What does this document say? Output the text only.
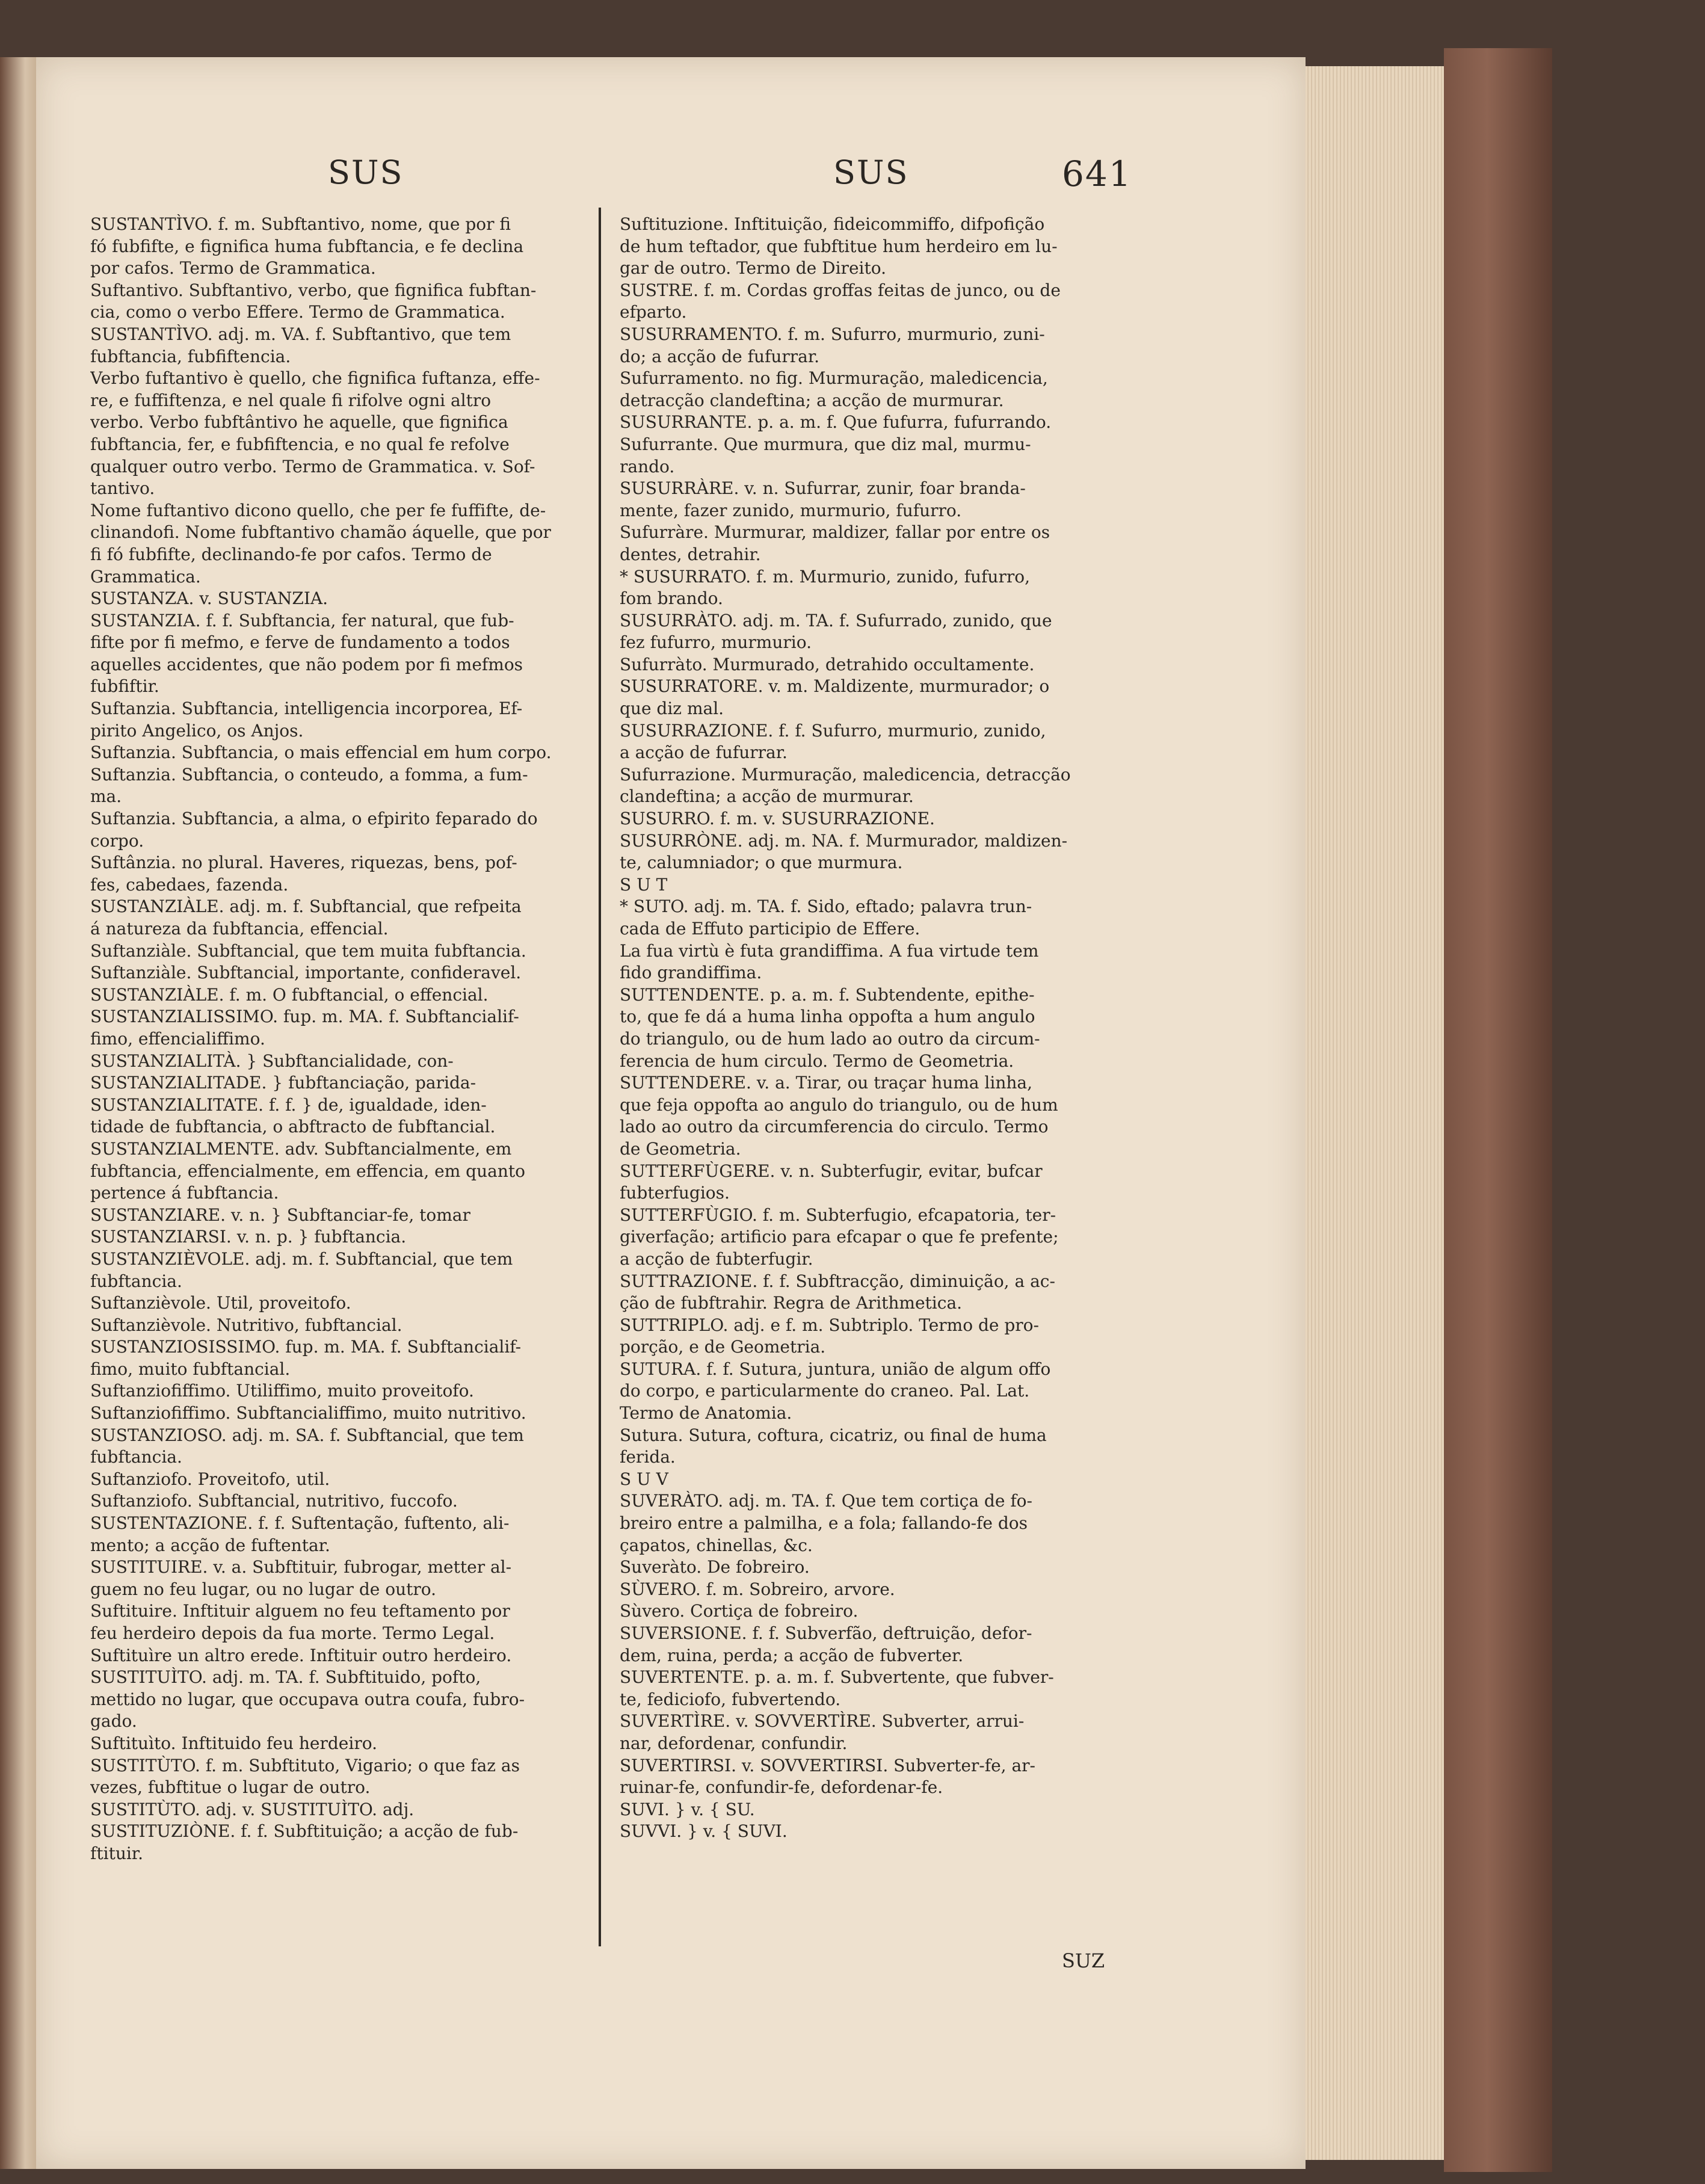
SUS	SUS	641
SUSTANTÌVO. f. m. Subftantivo, nome, que por fi
fó fubfifte, e fignifica huma fubftancia, e fe declina
por cafos. Termo de Grammatica.
Suftantivo. Subftantivo, verbo, que fignifica fubftan-
cia, como o verbo Effere. Termo de Grammatica.
SUSTANTÌVO. adj. m. VA. f. Subftantivo, que tem
fubftancia, fubfiftencia.
Verbo fuftantivo è quello, che fignifica fuftanza, effe-
re, e fuffiftenza, e nel quale fi rifolve ogni altro
verbo. Verbo fubftântivo he aquelle, que fignifica
fubftancia, fer, e fubfiftencia, e no qual fe refolve
qualquer outro verbo. Termo de Grammatica. v. Sof-
tantivo.
Nome fuftantivo dicono quello, che per fe fuffifte, de-
clinandofi. Nome fubftantivo chamão áquelle, que por
fi fó fubfifte, declinando-fe por cafos. Termo de
Grammatica.
SUSTANZA. v. SUSTANZIA.
SUSTANZIA. f. f. Subftancia, fer natural, que fub-
fifte por fi mefmo, e ferve de fundamento a todos
aquelles accidentes, que não podem por fi mefmos
fubfiftir.
Suftanzia. Subftancia, intelligencia incorporea, Ef-
pirito Angelico, os Anjos.
Suftanzia. Subftancia, o mais effencial em hum corpo.
Suftanzia. Subftancia, o conteudo, a fomma, a fum-
ma.
Suftanzia. Subftancia, a alma, o efpirito feparado do
corpo.
Suftânzia. no plural. Haveres, riquezas, bens, pof-
fes, cabedaes, fazenda.
SUSTANZIÀLE. adj. m. f. Subftancial, que refpeita
á natureza da fubftancia, effencial.
Suftanziàle. Subftancial, que tem muita fubftancia.
Suftanziàle. Subftancial, importante, confideravel.
SUSTANZIÀLE. f. m. O fubftancial, o effencial.
SUSTANZIALISSIMO. fup. m. MA. f. Subftancialif-
fimo, effencialiffimo.
SUSTANZIALITÀ. } Subftancialidade, con-
SUSTANZIALITADE. } fubftanciação, parida-
SUSTANZIALITATE. f. f. } de, igualdade, iden-
tidade de fubftancia, o abftracto de fubftancial.
SUSTANZIALMENTE. adv. Subftancialmente, em
fubftancia, effencialmente, em effencia, em quanto
pertence á fubftancia.
SUSTANZIARE. v. n. } Subftanciar-fe, tomar
SUSTANZIARSI. v. n. p. } fubftancia.
SUSTANZIÈVOLE. adj. m. f. Subftancial, que tem
fubftancia.
Suftanzièvole. Util, proveitofo.
Suftanzièvole. Nutritivo, fubftancial.
SUSTANZIOSISSIMO. fup. m. MA. f. Subftancialif-
fimo, muito fubftancial.
Suftanziofiffimo. Utiliffimo, muito proveitofo.
Suftanziofiffimo. Subftancialiffimo, muito nutritivo.
SUSTANZIOSO. adj. m. SA. f. Subftancial, que tem
fubftancia.
Suftanziofo. Proveitofo, util.
Suftanziofo. Subftancial, nutritivo, fuccofo.
SUSTENTAZIONE. f. f. Suftentação, fuftento, ali-
mento; a acção de fuftentar.
SUSTITUIRE. v. a. Subftituir, fubrogar, metter al-
guem no feu lugar, ou no lugar de outro.
Suftituire. Inftituir alguem no feu teftamento por
feu herdeiro depois da fua morte. Termo Legal.
Suftituìre un altro erede. Inftituir outro herdeiro.
SUSTITUÌTO. adj. m. TA. f. Subftituido, pofto,
mettido no lugar, que occupava outra coufa, fubro-
gado.
Suftituìto. Inftituido feu herdeiro.
SUSTITÙTO. f. m. Subftituto, Vigario; o que faz as
vezes, fubftitue o lugar de outro.
SUSTITÙTO. adj. v. SUSTITUÌTO. adj.
SUSTITUZIÒNE. f. f. Subftituição; a acção de fub-
ftituir.
Suftituzione. Inftituição, fideicommiffo, difpofição
de hum teftador, que fubftitue hum herdeiro em lu-
gar de outro. Termo de Direito.
SUSTRE. f. m. Cordas groffas feitas de junco, ou de
efparto.
SUSURRAMENTO. f. m. Sufurro, murmurio, zuni-
do; a acção de fufurrar.
Sufurramento. no fig. Murmuração, maledicencia,
detracção clandeftina; a acção de murmurar.
SUSURRANTE. p. a. m. f. Que fufurra, fufurrando.
Sufurrante. Que murmura, que diz mal, murmu-
rando.
SUSURRÀRE. v. n. Sufurrar, zunir, foar branda-
mente, fazer zunido, murmurio, fufurro.
Sufurràre. Murmurar, maldizer, fallar por entre os
dentes, detrahir.
* SUSURRATO. f. m. Murmurio, zunido, fufurro,
fom brando.
SUSURRÀTO. adj. m. TA. f. Sufurrado, zunido, que
fez fufurro, murmurio.
Sufurràto. Murmurado, detrahido occultamente.
SUSURRATORE. v. m. Maldizente, murmurador; o
que diz mal.
SUSURRAZIONE. f. f. Sufurro, murmurio, zunido,
a acção de fufurrar.
Sufurrazione. Murmuração, maledicencia, detracção
clandeftina; a acção de murmurar.
SUSURRO. f. m. v. SUSURRAZIONE.
SUSURRÒNE. adj. m. NA. f. Murmurador, maldizen-
te, calumniador; o que murmura.
S U T
* SUTO. adj. m. TA. f. Sido, eftado; palavra trun-
cada de Effuto participio de Effere.
La fua virtù è futa grandiffima. A fua virtude tem
fido grandiffima.
SUTTENDENTE. p. a. m. f. Subtendente, epithe-
to, que fe dá a huma linha oppofta a hum angulo
do triangulo, ou de hum lado ao outro da circum-
ferencia de hum circulo. Termo de Geometria.
SUTTENDERE. v. a. Tirar, ou traçar huma linha,
que feja oppofta ao angulo do triangulo, ou de hum
lado ao outro da circumferencia do circulo. Termo
de Geometria.
SUTTERFÙGERE. v. n. Subterfugir, evitar, bufcar
fubterfugios.
SUTTERFÙGIO. f. m. Subterfugio, efcapatoria, ter-
giverfação; artificio para efcapar o que fe prefente;
a acção de fubterfugir.
SUTTRAZIONE. f. f. Subftracção, diminuição, a ac-
ção de fubftrahir. Regra de Arithmetica.
SUTTRIPLO. adj. e f. m. Subtriplo. Termo de pro-
porção, e de Geometria.
SUTURA. f. f. Sutura, juntura, união de algum offo
do corpo, e particularmente do craneo. Pal. Lat.
Termo de Anatomia.
Sutura. Sutura, coftura, cicatriz, ou final de huma
ferida.
S U V
SUVERÀTO. adj. m. TA. f. Que tem cortiça de fo-
breiro entre a palmilha, e a fola; fallando-fe dos
çapatos, chinellas, &c.
Suveràto. De fobreiro.
SÙVERO. f. m. Sobreiro, arvore.
Sùvero. Cortiça de fobreiro.
SUVERSIONE. f. f. Subverfão, deftruição, defor-
dem, ruina, perda; a acção de fubverter.
SUVERTENTE. p. a. m. f. Subvertente, que fubver-
te, fediciofo, fubvertendo.
SUVERTÌRE. v. SOVVERTÌRE. Subverter, arrui-
nar, defordenar, confundir.
SUVERTIRSI. v. SOVVERTIRSI. Subverter-fe, ar-
ruinar-fe, confundir-fe, defordenar-fe.
SUVI. } v. { SU.
SUVVI. } v. { SUVI.
SUZ
